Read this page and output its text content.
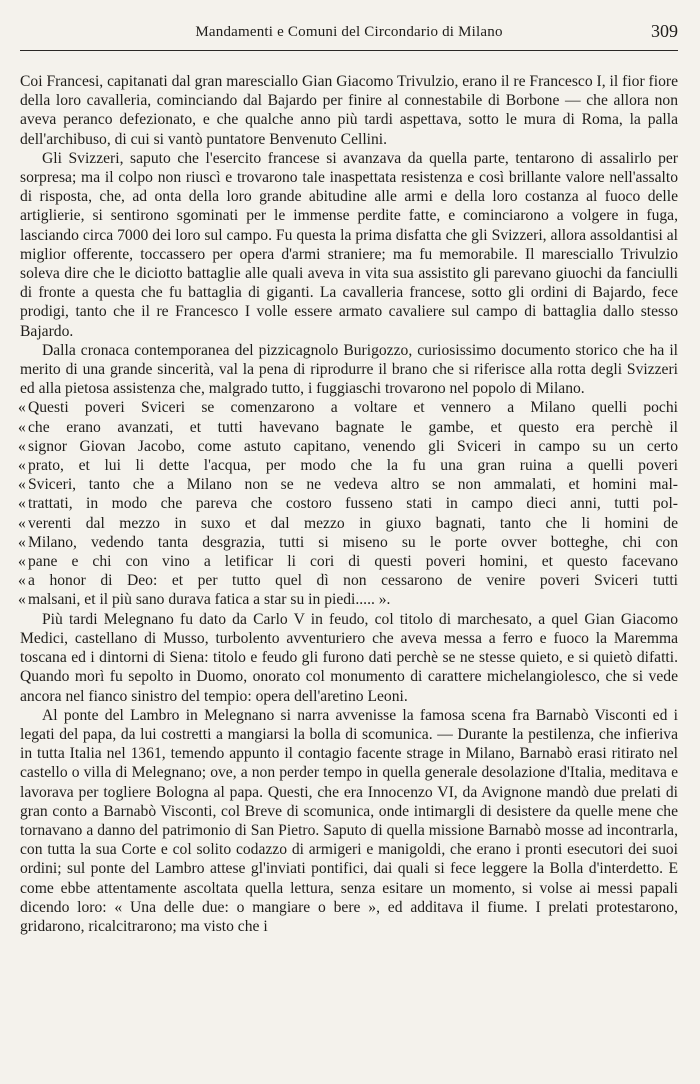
Mandamenti e Comuni del Circondario di Milano	309

Coi Francesi, capitanati dal gran maresciallo Gian Giacomo Trivulzio, erano il re Francesco I, il fior fiore della loro cavalleria, cominciando dal Bajardo per finire al connestabile di Borbone — che allora non aveva peranco defezionato, e che qualche anno più tardi aspettava, sotto le mura di Roma, la palla dell'archibuso, di cui si vantò puntatore Benvenuto Cellini.

Gli Svizzeri, saputo che l'esercito francese si avanzava da quella parte, tentarono di assalirlo per sorpresa; ma il colpo non riuscì e trovarono tale inaspettata resistenza e così brillante valore nell'assalto di risposta, che, ad onta della loro grande abitudine alle armi e della loro costanza al fuoco delle artiglierie, si sentirono sgominati per le immense perdite fatte, e cominciarono a volgere in fuga, lasciando circa 7000 dei loro sul campo. Fu questa la prima disfatta che gli Svizzeri, allora assoldantisi al miglior offerente, toccassero per opera d'armi straniere; ma fu memorabile. Il maresciallo Trivulzio soleva dire che le diciotto battaglie alle quali aveva in vita sua assistito gli parevano giuochi da fanciulli di fronte a questa che fu battaglia di giganti. La cavalleria francese, sotto gli ordini di Bajardo, fece prodigi, tanto che il re Francesco I volle essere armato cavaliere sul campo di battaglia dallo stesso Bajardo.

Dalla cronaca contemporanea del pizzicagnolo Burigozzo, curiosissimo documento storico che ha il merito di una grande sincerità, val la pena di riprodurre il brano che si riferisce alla rotta degli Svizzeri ed alla pietosa assistenza che, malgrado tutto, i fuggiaschi trovarono nel popolo di Milano.

« Questi poveri Sviceri se comenzarono a voltare et vennero a Milano quelli pochi
« che erano avanzati, et tutti havevano bagnate le gambe, et questo era perchè il
« signor Giovan Jacobo, come astuto capitano, venendo gli Sviceri in campo su un certo
« prato, et lui li dette l'acqua, per modo che la fu una gran ruina a quelli poveri
« Sviceri, tanto che a Milano non se ne vedeva altro se non ammalati, et homini mal-
« trattati, in modo che pareva che costoro fusseno stati in campo dieci anni, tutti pol-
« verenti dal mezzo in suxo et dal mezzo in giuxo bagnati, tanto che li homini de
« Milano, vedendo tanta desgrazia, tutti si miseno su le porte ovver botteghe, chi con
« pane e chi con vino a letificar li cori di questi poveri homini, et questo facevano
« a honor di Deo: et per tutto quel dì non cessarono de venire poveri Sviceri tutti
« malsani, et il più sano durava fatica a star su in piedi..... ».

Più tardi Melegnano fu dato da Carlo V in feudo, col titolo di marchesato, a quel Gian Giacomo Medici, castellano di Musso, turbolento avventuriero che aveva messa a ferro e fuoco la Maremma toscana ed i dintorni di Siena: titolo e feudo gli furono dati perchè se ne stesse quieto, e si quietò difatti. Quando morì fu sepolto in Duomo, onorato col monumento di carattere michelangiolesco, che si vede ancora nel fianco sinistro del tempio: opera dell'aretino Leoni.

Al ponte del Lambro in Melegnano si narra avvenisse la famosa scena fra Barnabò Visconti ed i legati del papa, da lui costretti a mangiarsi la bolla di scomunica. — Durante la pestilenza, che infieriva in tutta Italia nel 1361, temendo appunto il contagio facente strage in Milano, Barnabò erasi ritirato nel castello o villa di Melegnano; ove, a non perder tempo in quella generale desolazione d'Italia, meditava e lavorava per togliere Bologna al papa. Questi, che era Innocenzo VI, da Avignone mandò due prelati di gran conto a Barnabò Visconti, col Breve di scomunica, onde intimargli di desistere da quelle mene che tornavano a danno del patrimonio di San Pietro. Saputo di quella missione Barnabò mosse ad incontrarla, con tutta la sua Corte e col solito codazzo di armigeri e manigoldi, che erano i pronti esecutori dei suoi ordini; sul ponte del Lambro attese gl'inviati pontifici, dai quali si fece leggere la Bolla d'interdetto. E come ebbe attentamente ascoltata quella lettura, senza esitare un momento, si volse ai messi papali dicendo loro: « Una delle due: o mangiare o bere », ed additava il fiume. I prelati protestarono, gridarono, ricalcitrarono; ma visto che i
